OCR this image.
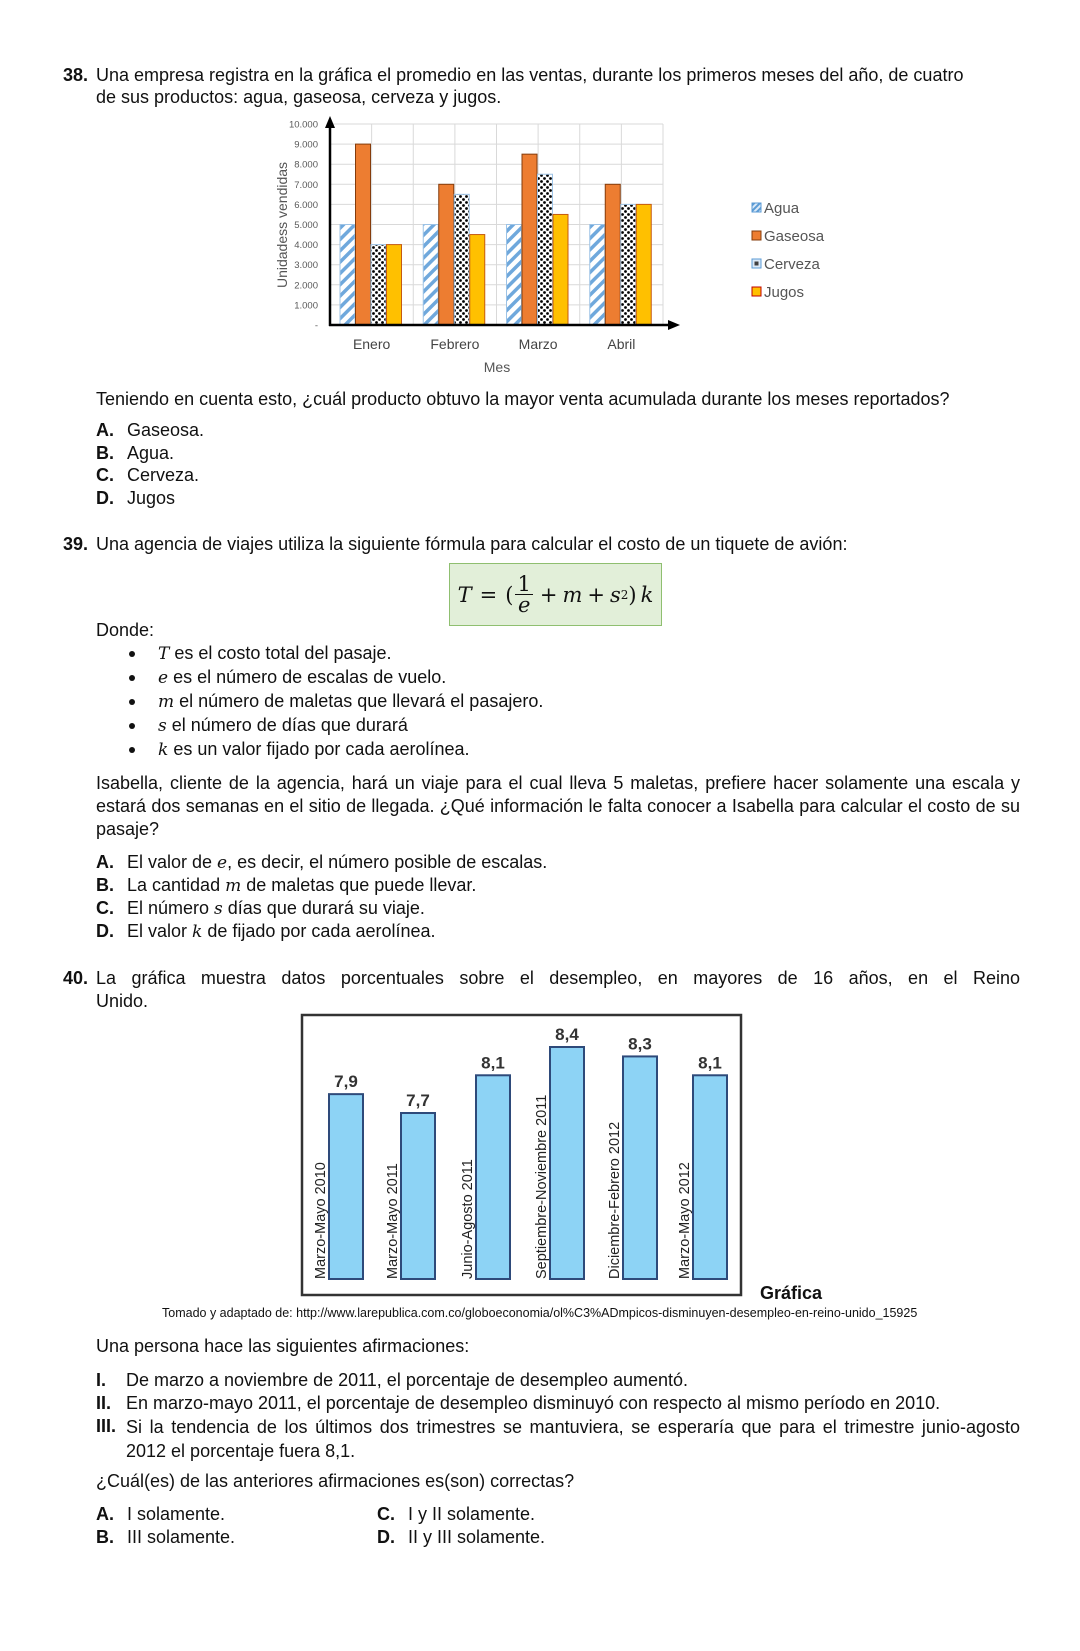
38. Una empresa registra en la gráfica el promedio en las ventas, durante los primeros meses del año, de cuatro
de sus productos: agua, gaseosa, cerveza y jugos.
-
1.000
2.000
3.000
4.000
5.000
6.000
7.000
8.000
9.000
10.000
Enero	Febrero	Marzo	Abril
Mes
Unidadess vendidas	Agua
Gaseosa
Cerveza
Jugos
Teniendo en cuenta esto, ¿cuál producto obtuvo la mayor venta acumulada durante los meses reportados?
A. Gaseosa.
B. Agua.
C. Cerveza.
D. Jugos
39. Una agencia de viajes utiliza la siguiente fórmula para calcular el costo de un tiquete de avión:
T = ( $\frac{1}{e} + m + s$ 2 ) k
Donde:
T es el costo total del pasaje.
e es el número de escalas de vuelo.
m el número de maletas que llevará el pasajero.
s el número de días que durará
k es un valor fijado por cada aerolínea.
Isabella, cliente de la agencia, hará un viaje para el cual lleva 5 maletas, prefiere hacer solamente una escala y estará dos semanas en el sitio de llegada. ¿Qué información le falta conocer a Isabella para calcular el costo de su pasaje?
A. El valor de e, es decir, el número posible de escalas.
B. La cantidad m de maletas que puede llevar.
C. El número s días que durará su viaje.
D. El valor k de fijado por cada aerolínea.
40. La gráfica muestra datos porcentuales sobre el desempleo, en mayores de 16 años, en el Reino
Unido.
7,9
Marzo-Mayo 2010
7,7
Marzo-Mayo 2011
8,1
Junio-Agosto 2011
8,4
Septiembre-Noviembre 2011
8,3
Diciembre-Febrero 2012
8,1
Marzo-Mayo 2012
Gráfica
Tomado y adaptado de: http://www.larepublica.com.co/globoeconomia/ol%C3%ADmpicos-disminuyen-desempleo-en-reino-unido_15925
Una persona hace las siguientes afirmaciones:
I. De marzo a noviembre de 2011, el porcentaje de desempleo aumentó.
II. En marzo-mayo 2011, el porcentaje de desempleo disminuyó con respecto al mismo período en 2010.
III. Si la tendencia de los últimos dos trimestres se mantuviera, se esperaría que para el trimestre junio-agosto 2012 el porcentaje fuera 8,1.
¿Cuál(es) de las anteriores afirmaciones es(son) correctas?
A. I solamente.
B. III solamente.
C. I y II solamente.
D. II y III solamente.
